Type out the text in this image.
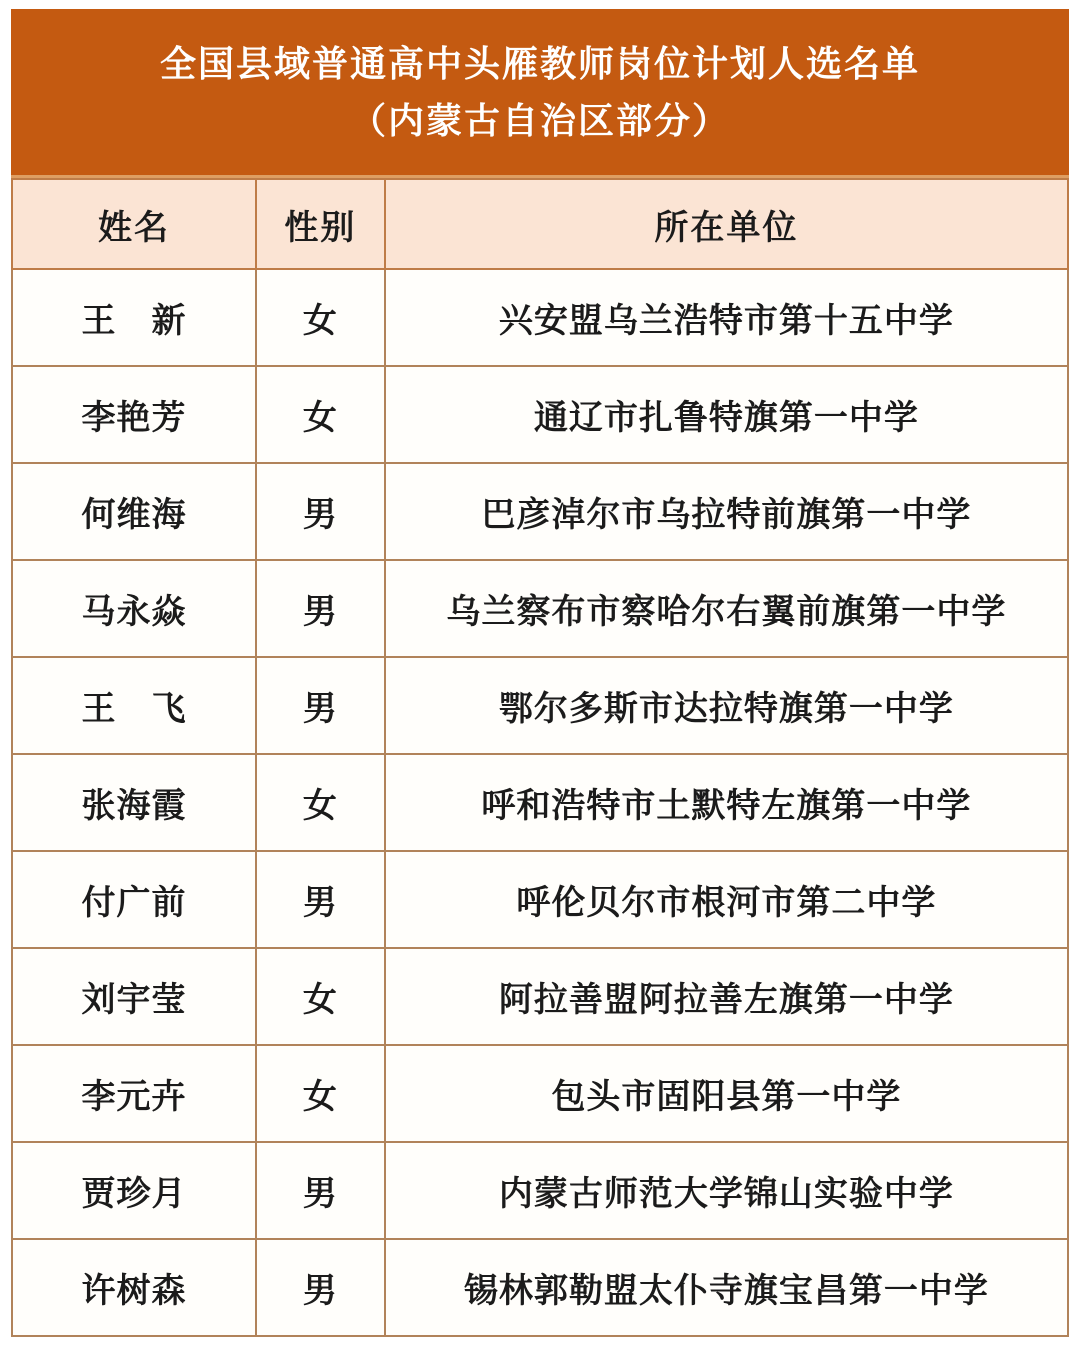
全国县域普通高中头雁教师岗位计划人选名单
（内蒙古自治区部分）
姓名	性别	所在单位
王　新	女	兴安盟乌兰浩特市第十五中学
李艳芳	女	通辽市扎鲁特旗第一中学
何维海	男	巴彦淖尔市乌拉特前旗第一中学
马永焱	男	乌兰察布市察哈尔右翼前旗第一中学
王　飞	男	鄂尔多斯市达拉特旗第一中学
张海霞	女	呼和浩特市土默特左旗第一中学
付广前	男	呼伦贝尔市根河市第二中学
刘宇莹	女	阿拉善盟阿拉善左旗第一中学
李元卉	女	包头市固阳县第一中学
贾珍月	男	内蒙古师范大学锦山实验中学
许树森	男	锡林郭勒盟太仆寺旗宝昌第一中学
